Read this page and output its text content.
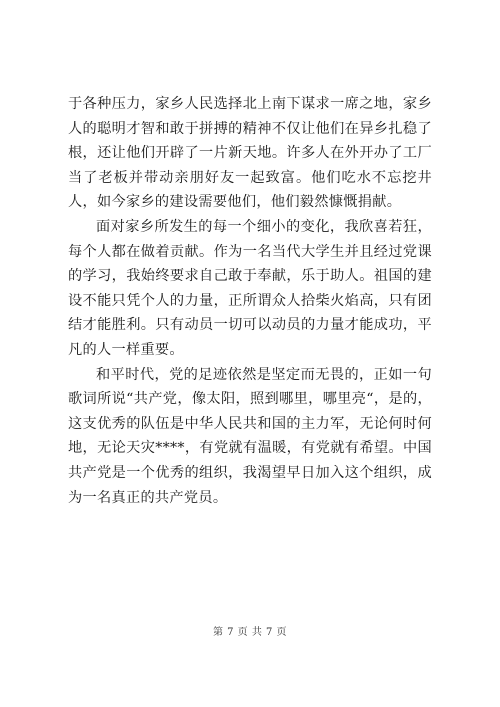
于各种压力，家乡人民选择北上南下谋求一席之地，家乡人的聪明才智和敢于拼搏的精神不仅让他们在异乡扎稳了根，还让他们开辟了一片新天地。许多人在外开办了工厂当了老板并带动亲朋好友一起致富。他们吃水不忘挖井人，如今家乡的建设需要他们，他们毅然慷慨捐献。

面对家乡所发生的每一个细小的变化，我欣喜若狂，每个人都在做着贡献。作为一名当代大学生并且经过党课的学习，我始终要求自己敢于奉献，乐于助人。祖国的建设不能只凭个人的力量，正所谓众人拾柴火焰高，只有团结才能胜利。只有动员一切可以动员的力量才能成功，平凡的人一样重要。

和平时代，党的足迹依然是坚定而无畏的，正如一句歌词所说“共产党，像太阳，照到哪里，哪里亮“，是的，这支优秀的队伍是中华人民共和国的主力军，无论何时何地，无论天灾****，有党就有温暖，有党就有希望。中国共产党是一个优秀的组织，我渴望早日加入这个组织，成为一名真正的共产党员。

第 7 页 共 7 页
